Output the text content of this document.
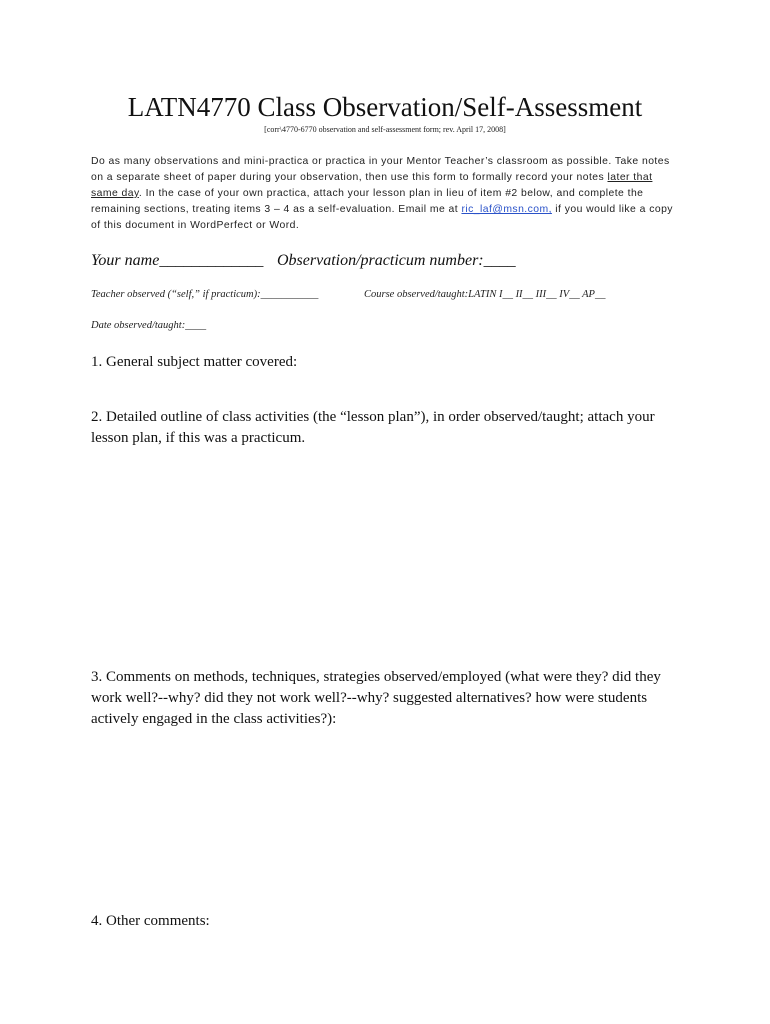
LATN4770 Class Observation/Self-Assessment
[corr\4770-6770 observation and self-assessment form; rev. April 17, 2008]
Do as many observations and mini-practica or practica in your Mentor Teacher’s classroom as possible. Take notes on a separate sheet of paper during your observation, then use this form to formally record your notes later that same day. In the case of your own practica, attach your lesson plan in lieu of item #2 below, and complete the remaining sections, treating items 3 – 4 as a self-evaluation. Email me at ric_laf@msn.com, if you would like a copy of this document in WordPerfect or Word.
Your name_____________ Observation/practicum number:____
Teacher observed (“self,” if practicum):___________	Course observed/taught:LATIN I__ II__ III__ IV__ AP__
Date observed/taught:____
1. General subject matter covered:
2. Detailed outline of class activities (the “lesson plan”), in order observed/taught; attach your lesson plan, if this was a practicum.
3. Comments on methods, techniques, strategies observed/employed (what were they? did they work well?--why? did they not work well?--why? suggested alternatives? how were students actively engaged in the class activities?):
4. Other comments:
